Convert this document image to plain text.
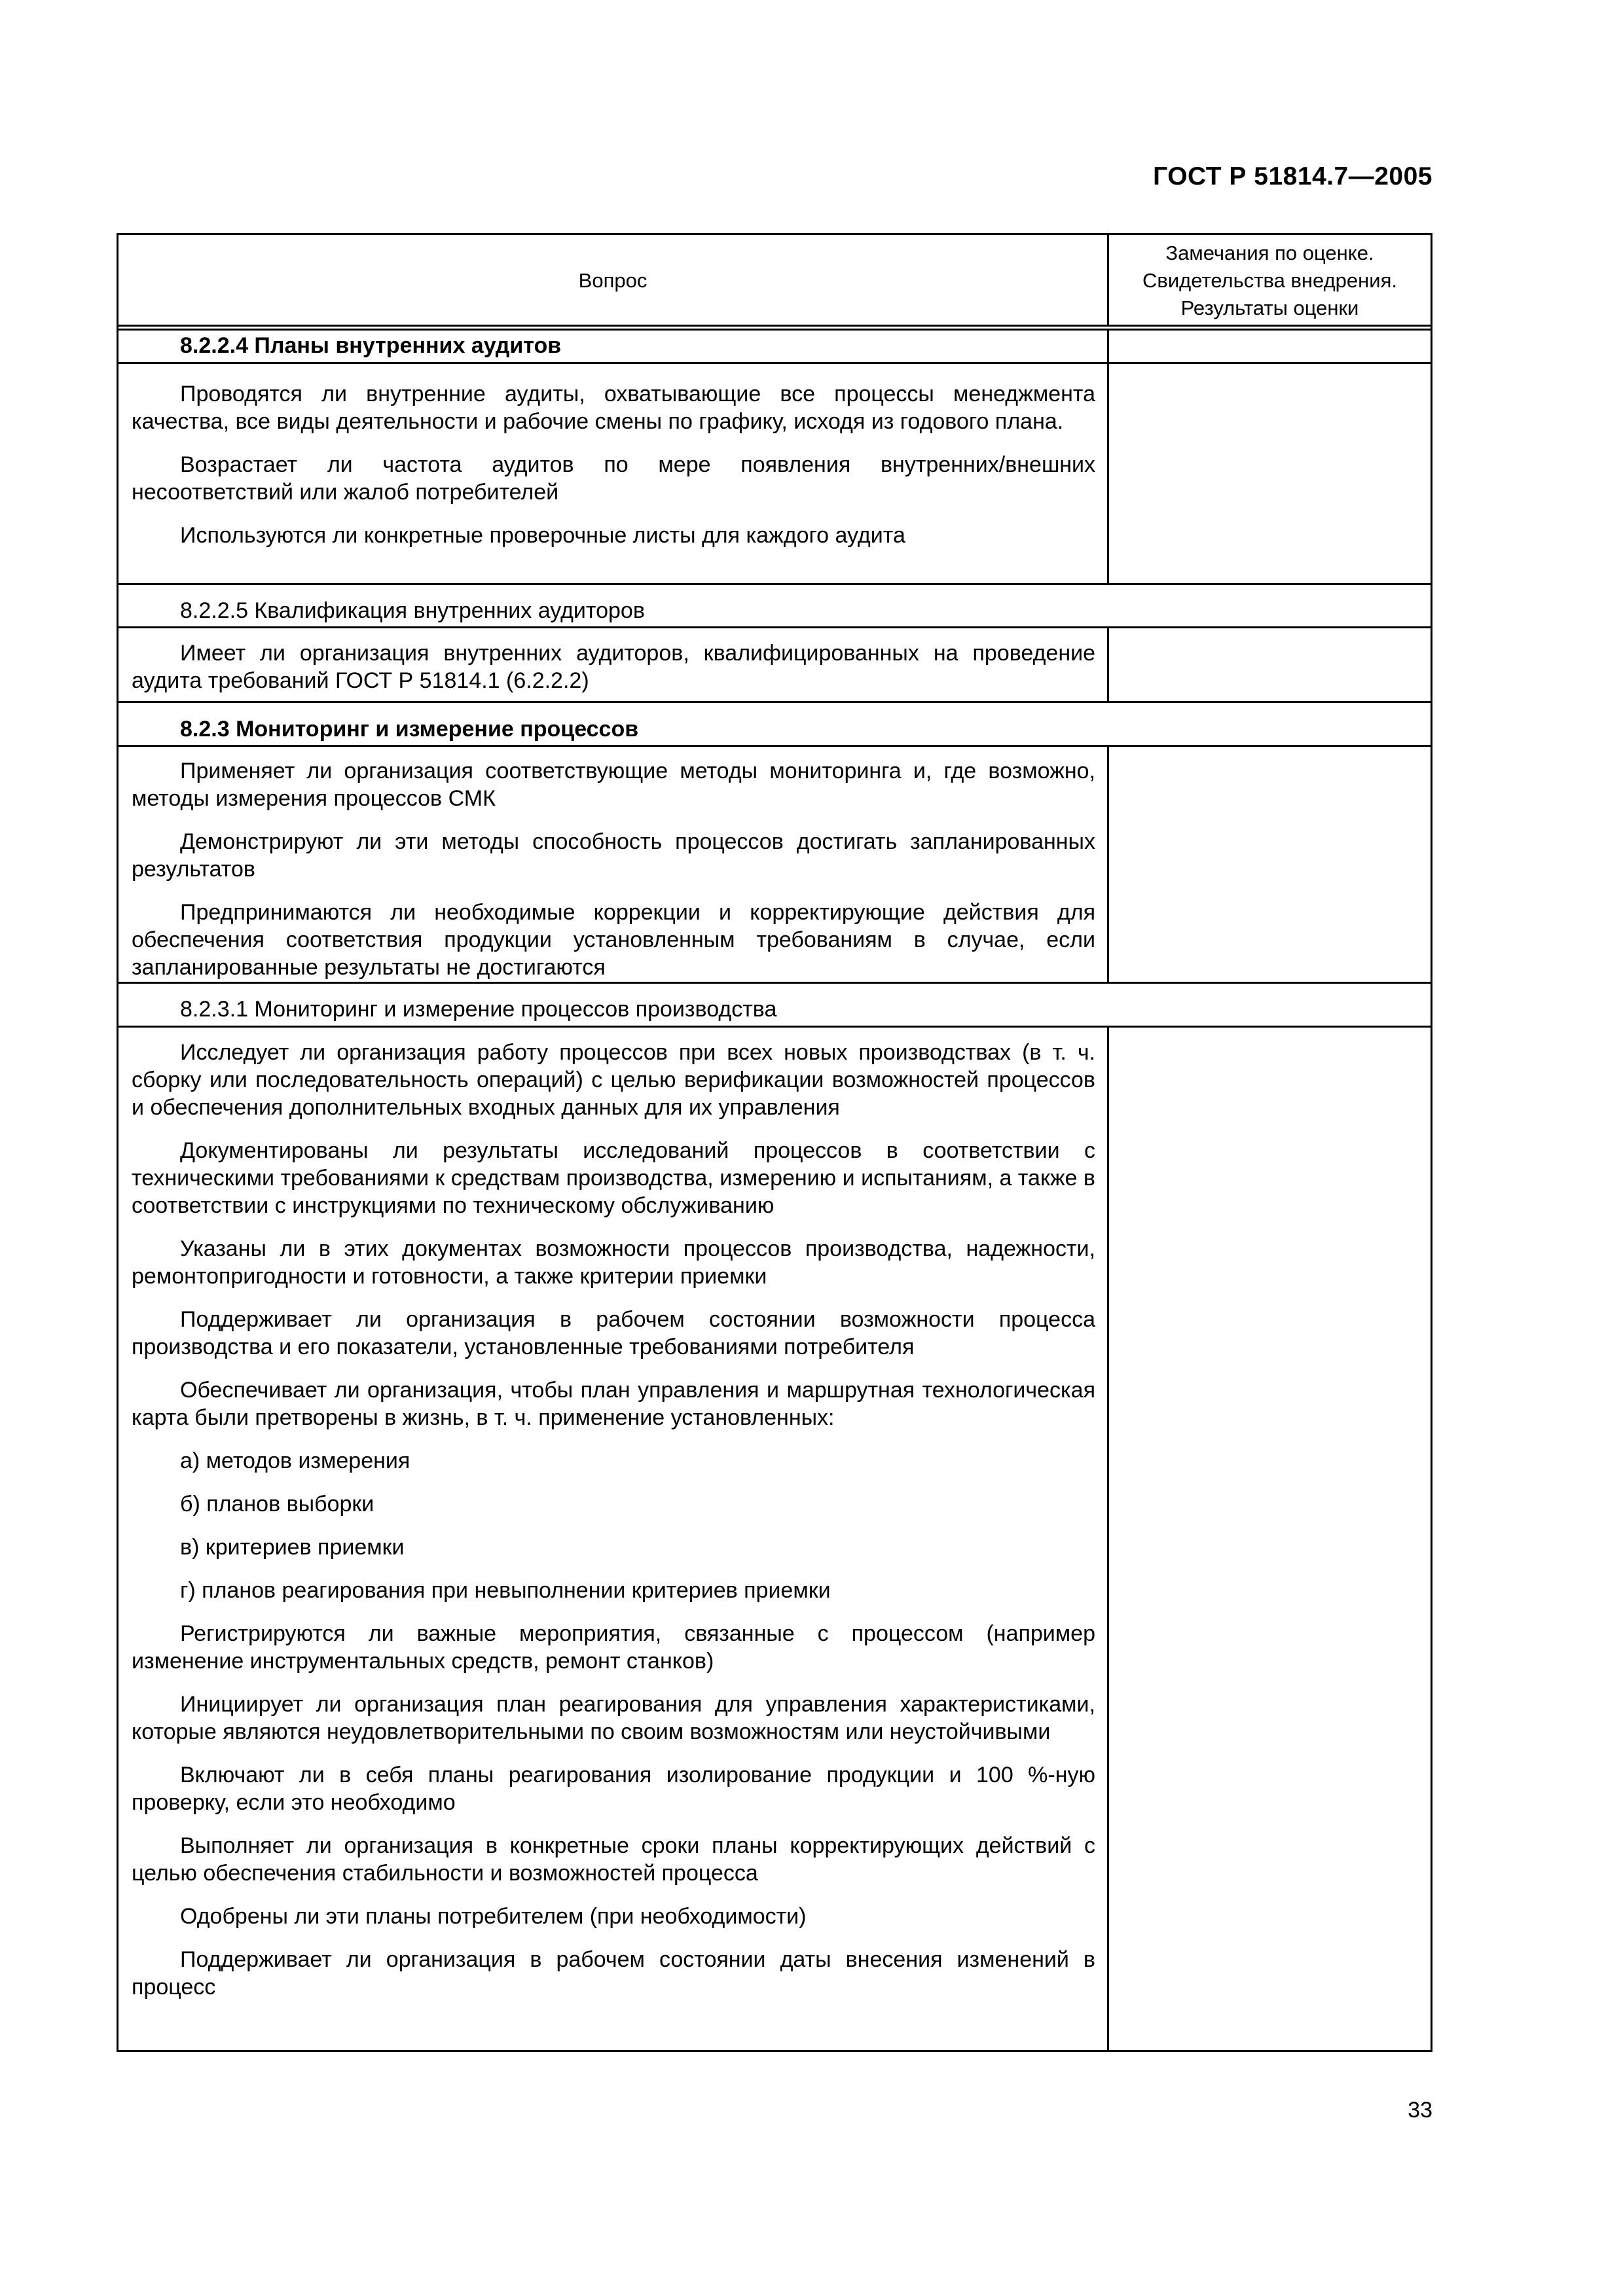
ГОСТ Р 51814.7—2005
Вопрос
Замечания по оценке.
Свидетельства внедрения.
Результаты оценки
8.2.2.4 Планы внутренних аудитов

Проводятся ли внутренние аудиты, охватывающие все процессы менеджмента качества, все виды деятельности и рабочие смены по графику, исходя из годового плана.

Возрастает ли частота аудитов по мере появления внутренних/внешних несоответствий или жалоб потребителей

Используются ли конкретные проверочные листы для каждого аудита

8.2.2.5 Квалификация внутренних аудиторов

Имеет ли организация внутренних аудиторов, квалифицированных на проведение аудита требований ГОСТ Р 51814.1 (6.2.2.2)

8.2.3 Мониторинг и измерение процессов

Применяет ли организация соответствующие методы мониторинга и, где возможно, методы измерения процессов СМК

Демонстрируют ли эти методы способность процессов достигать запланированных результатов

Предпринимаются ли необходимые коррекции и корректирующие действия для обеспечения соответствия продукции установленным требованиям в случае, если запланированные результаты не достигаются

8.2.3.1 Мониторинг и измерение процессов производства

Исследует ли организация работу процессов при всех новых производствах (в т. ч. сборку или последовательность операций) с целью верификации возможностей процессов и обеспечения дополнительных входных данных для их управления

Документированы ли результаты исследований процессов в соответствии с техническими требованиями к средствам производства, измерению и испытаниям, а также в соответствии с инструкциями по техническому обслуживанию

Указаны ли в этих документах возможности процессов производства, надежности, ремонтопригодности и готовности, а также критерии приемки

Поддерживает ли организация в рабочем состоянии возможности процесса производства и его показатели, установленные требованиями потребителя

Обеспечивает ли организация, чтобы план управления и маршрутная технологическая карта были претворены в жизнь, в т. ч. применение установленных:

а) методов измерения

б) планов выборки

в) критериев приемки

г) планов реагирования при невыполнении критериев приемки

Регистрируются ли важные мероприятия, связанные с процессом (например изменение инструментальных средств, ремонт станков)

Инициирует ли организация план реагирования для управления характеристиками, которые являются неудовлетворительными по своим возможностям или неустойчивыми

Включают ли в себя планы реагирования изолирование продукции и 100 %-ную проверку, если это необходимо

Выполняет ли организация в конкретные сроки планы корректирующих действий с целью обеспечения стабильности и возможностей процесса

Одобрены ли эти планы потребителем (при необходимости)

Поддерживает ли организация в рабочем состоянии даты внесения изменений в процесс

33
